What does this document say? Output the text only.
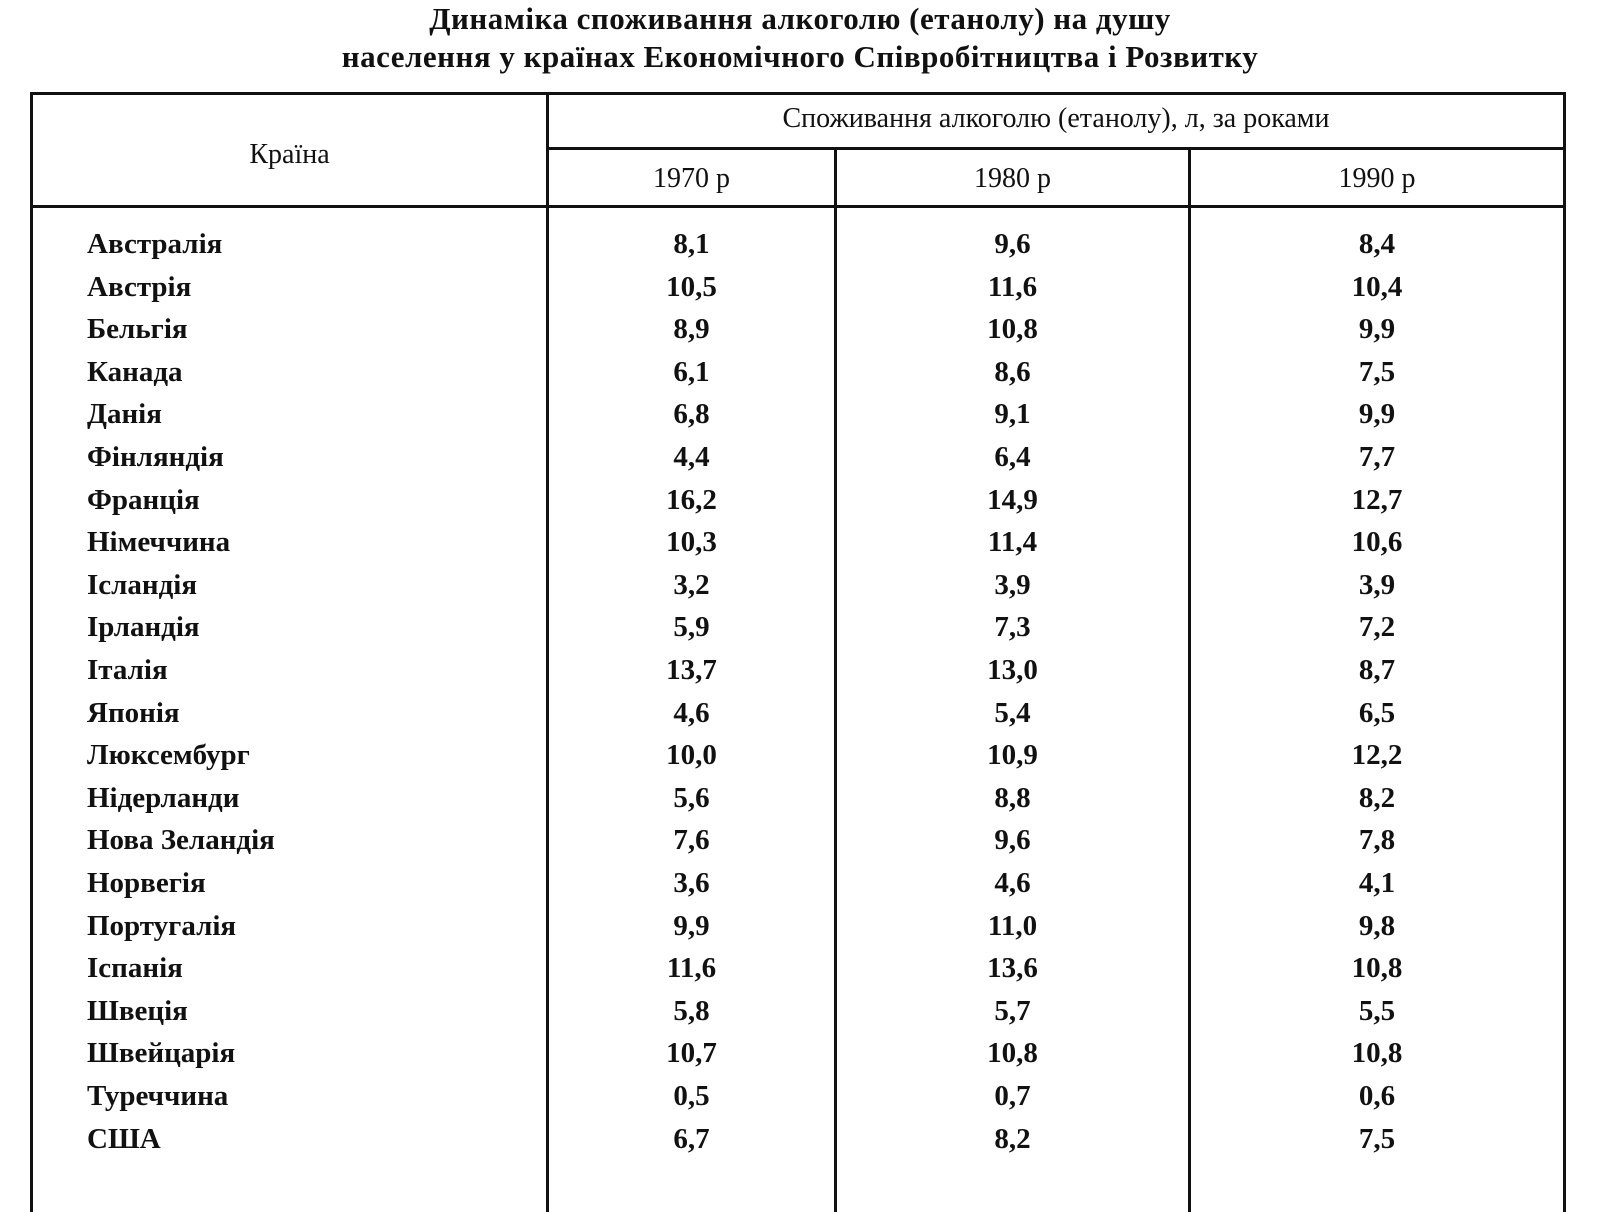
Динаміка споживання алкоголю (етанолу) на душу
населення у країнах Економічного Співробітництва і Розвитку
Країна
Споживання алкоголю (етанолу), л, за роками
1970 р	1980 р	1990 р
Австралія	8,1	9,6	8,4
Австрія	10,5	11,6	10,4
Бельгія	8,9	10,8	9,9
Канада	6,1	8,6	7,5
Данія	6,8	9,1	9,9
Фінляндія	4,4	6,4	7,7
Франція	16,2	14,9	12,7
Німеччина	10,3	11,4	10,6
Ісландія	3,2	3,9	3,9
Ірландія	5,9	7,3	7,2
Італія	13,7	13,0	8,7
Японія	4,6	5,4	6,5
Люксембург	10,0	10,9	12,2
Нідерланди	5,6	8,8	8,2
Нова Зеландія	7,6	9,6	7,8
Норвегія	3,6	4,6	4,1
Португалія	9,9	11,0	9,8
Іспанія	11,6	13,6	10,8
Швеція	5,8	5,7	5,5
Швейцарія	10,7	10,8	10,8
Туреччина	0,5	0,7	0,6
США	6,7	8,2	7,5
